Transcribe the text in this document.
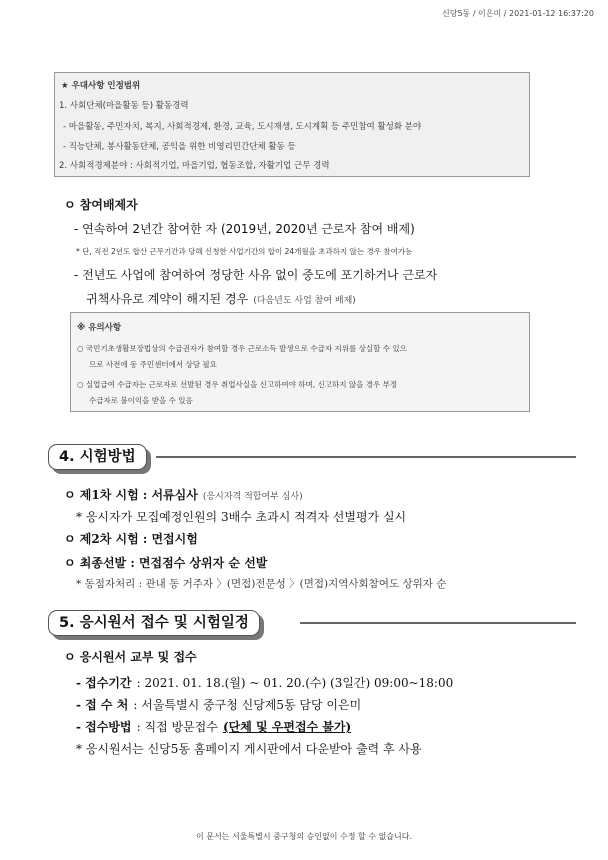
신당5동 / 이은미 / 2021-01-12 16:37:20
★ 우대사항 인정범위
1. 사회단체(마을활동 등) 활동경력
- 마을활동, 주민자치, 복지, 사회적경제, 환경, 교육, 도시재생, 도시계획 등 주민참여 활성화 분야
- 직능단체, 봉사활동단체, 공익을 위한 비영리민간단체 활동 등
2. 사회적경제분야 : 사회적기업, 마을기업, 협동조합, 자활기업 근무 경력
ㅇ 참여배제자
- 연속하여 2년간 참여한 자 (2019년, 2020년 근로자 참여 배제)
* 단, 직전 2년도 합산 근무기간과 당해 신청한 사업기간의 합이 24개월을 초과하지 않는 경우 참여가능
- 전년도 사업에 참여하여 정당한 사유 없이 중도에 포기하거나 근로자
귀책사유로 계약이 해지된 경우 (다음년도 사업 참여 배제)
※ 유의사항
○ 국민기초생활보장법상의 수급권자가 참여할 경우 근로소득 발생으로 수급자 지위를 상실할 수 있으
므로 사전에 동 주민센터에서 상담 필요
○ 실업급여 수급자는 근로자로 선발된 경우 취업사실을 신고하여야 하며, 신고하지 않을 경우 부정
수급자로 불이익을 받을 수 있음
4. 시험방법
ㅇ 제1차 시험 : 서류심사 (응시자격 적합여부 심사)
* 응시자가 모집예정인원의 3배수 초과시 적격자 선별평가 실시
ㅇ 제2차 시험 : 면접시험
ㅇ 최종선발 : 면접점수 상위자 순 선발
* 동점자처리 : 관내 동 거주자 〉(면접)전문성 〉(면접)지역사회참여도 상위자 순
5. 응시원서 접수 및 시험일정
ㅇ 응시원서 교부 및 접수
- 접수기간 : 2021. 01. 18.(월) ~ 01. 20.(수) (3일간) 09:00~18:00
- 접 수 처 : 서울특별시 중구청 신당제5동 담당 이은미
- 접수방법 : 직접 방문접수 (단체 및 우편접수 불가)
* 응시원서는 신당5동 홈페이지 게시판에서 다운받아 출력 후 사용
이 문서는 서울특별시 중구청의 승인없이 수정 할 수 없습니다.
